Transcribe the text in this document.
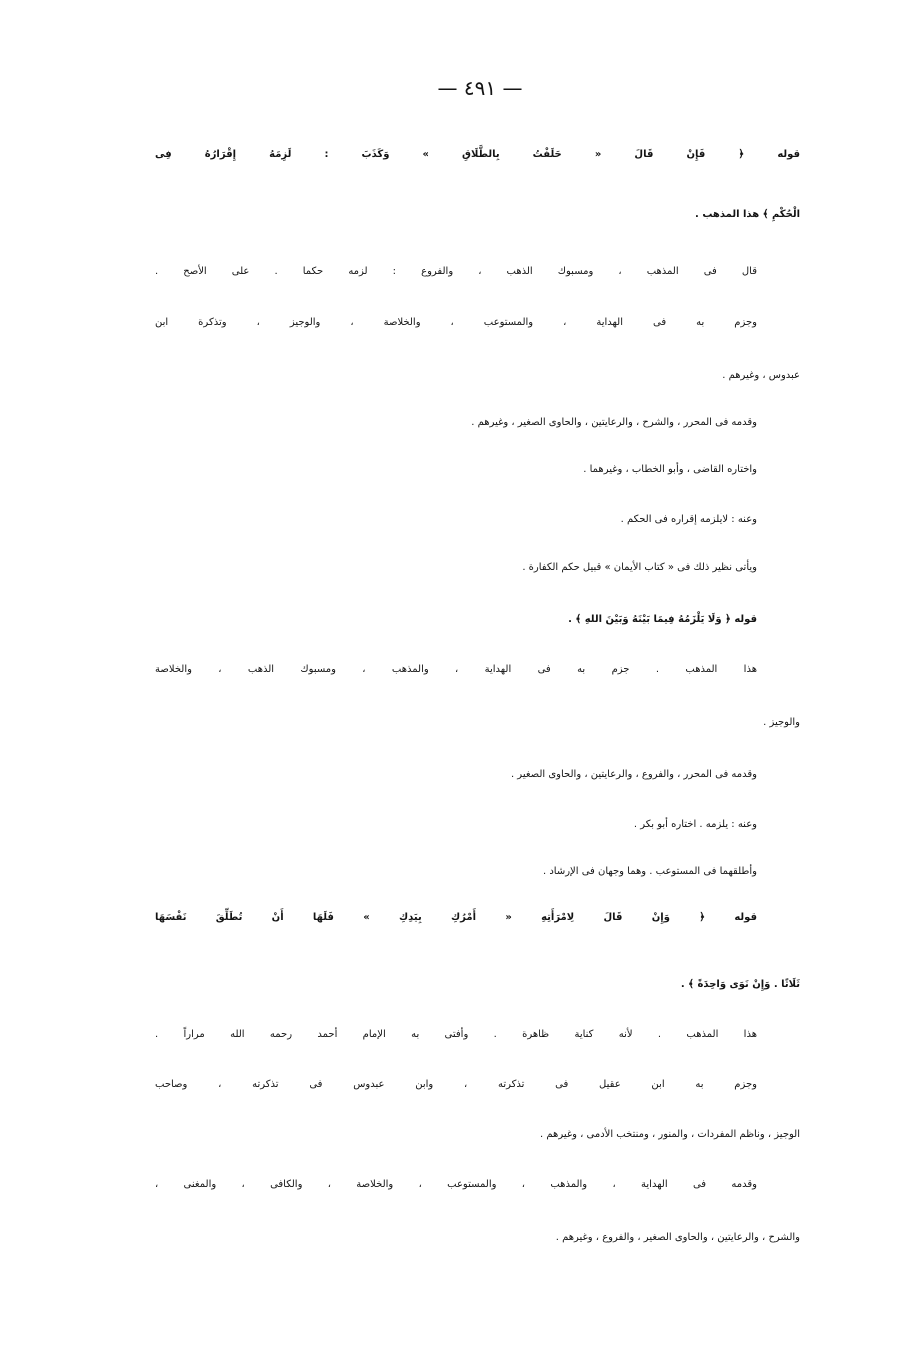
— ٤٩١ —
قوله ﴿ فَإِنْ قَالَ « حَلَفْتُ بِالطَّلَاقِ » وَكَذَبَ : لَزِمَهُ إِقْرَارُهُ فِى
الْحُكْمِ ﴾ هذا المذهب .
قال فى المذهب ، ومسبوك الذهب ، والفروع : لزمه حكما . على الأصح .
وجزم به فى الهداية ، والمستوعب ، والخلاصة ، والوجيز ، وتذكرة ابن
عبدوس ، وغيرهم .
وقدمه فى المحرر ، والشرح ، والرعايتين ، والحاوى الصغير ، وغيرهم .
واختاره القاضى ، وأبو الخطاب ، وغيرهما .
وعنه : لايلزمه إقراره فى الحكم .
ويأتى نظير ذلك فى « كتاب الأيمان » قبيل حكم الكفارة .
قوله ﴿ وَلَا يَلْزَمُهُ فِيمَا بَيْنَهُ وَبَيْنَ اللهِ ﴾ .
هذا المذهب . جزم به فى الهداية ، والمذهب ، ومسبوك الذهب ، والخلاصة
والوجيز .
وقدمه فى المحرر ، والفروع ، والرعايتين ، والحاوى الصغير .
وعنه : يلزمه . اختاره أبو بكر .
وأطلقهما فى المستوعب . وهما وجهان فى الإرشاد .
قوله ﴿ وَإِنْ قَالَ لِامْرَأَتِهِ « أَمْرُكِ بِيَدِكِ » فَلَهَا أَنْ تُطَلِّقَ نَفْسَهَا
ثَلَاثًا . وَإِنْ نَوَى وَاحِدَةً ﴾ .
هذا المذهب . لأنه كناية ظاهرة . وأفتى به الإمام أحمد رحمه الله مراراً .
وجزم به ابن عقيل فى تذكرته ، وابن عبدوس فى تذكرته ، وصاحب
الوجيز ، وناظم المفردات ، والمنور ، ومنتخب الأدمى ، وغيرهم .
وقدمه فى الهداية ، والمذهب ، والمستوعب ، والخلاصة ، والكافى ، والمغنى ،
والشرح ، والرعايتين ، والحاوى الصغير ، والفروع ، وغيرهم .
